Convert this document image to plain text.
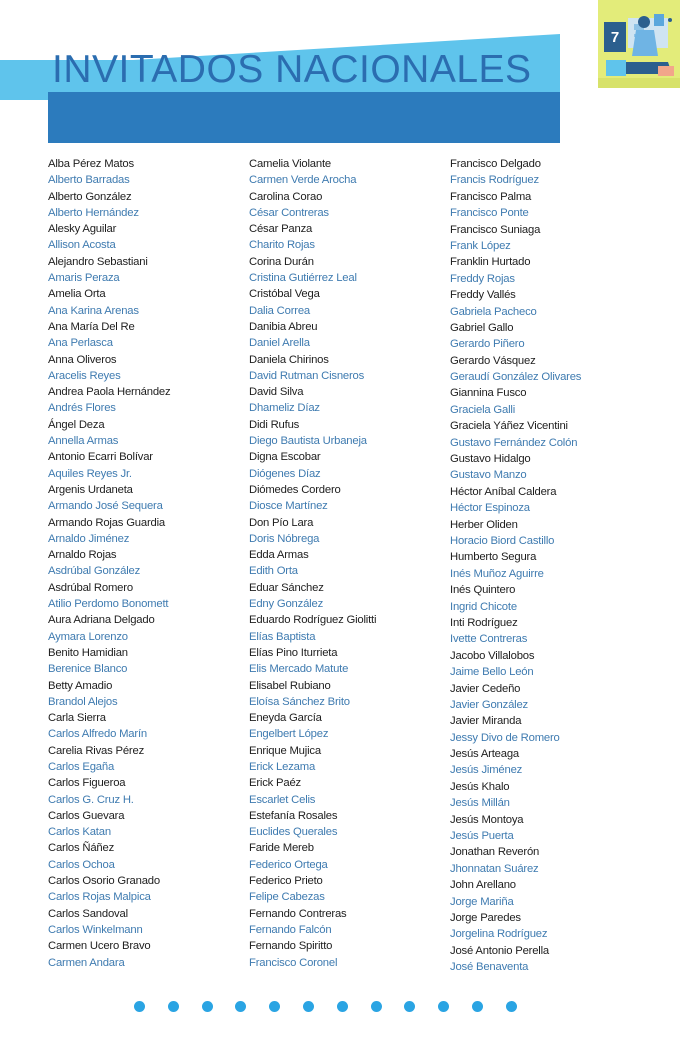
INVITADOS NACIONALES
7
Alba Pérez Matos
Alberto Barradas
Alberto González
Alberto Hernández
Alesky Aguilar
Allison Acosta
Alejandro Sebastiani
Amaris Peraza
Amelia Orta
Ana Karina Arenas
Ana María Del Re
Ana Perlasca
Anna Oliveros
Aracelis Reyes
Andrea Paola Hernández
Andrés Flores
Ángel Deza
Annella Armas
Antonio Ecarri Bolívar
Aquiles Reyes Jr.
Argenis Urdaneta
Armando José Sequera
Armando Rojas Guardia
Arnaldo Jiménez
Arnaldo Rojas
Asdrúbal González
Asdrúbal Romero
Atilio Perdomo Bonomett
Aura Adriana Delgado
Aymara Lorenzo
Benito Hamidian
Berenice Blanco
Betty Amadio
Brandol Alejos
Carla Sierra
Carlos Alfredo Marín
Carelia Rivas Pérez
Carlos Egaña
Carlos Figueroa
Carlos G. Cruz H.
Carlos Guevara
Carlos Katan
Carlos Ñáñez
Carlos Ochoa
Carlos Osorio Granado
Carlos Rojas Malpica
Carlos Sandoval
Carlos Winkelmann
Carmen Ucero Bravo
Carmen Andara
Camelia Violante
Carmen Verde Arocha
Carolina Corao
César Contreras
César Panza
Charito Rojas
Corina Durán
Cristina Gutiérrez Leal
Cristóbal Vega
Dalia Correa
Danibia Abreu
Daniel Arella
Daniela Chirinos
David Rutman Cisneros
David Silva
Dhameliz Díaz
Didi Rufus
Diego Bautista Urbaneja
Digna Escobar
Diógenes Díaz
Diómedes Cordero
Diosce Martínez
Don Pío Lara
Doris Nóbrega
Edda Armas
Edith Orta
Eduar Sánchez
Edny González
Eduardo Rodríguez Giolitti
Elías Baptista
Elías Pino Iturrieta
Elis Mercado Matute
Elisabel Rubiano
Eloísa Sánchez Brito
Eneyda García
Engelbert López
Enrique Mujica
Erick Lezama
Erick Paéz
Escarlet Celis
Estefanía Rosales
Euclides Querales
Faride Mereb
Federico Ortega
Federico Prieto
Felipe Cabezas
Fernando Contreras
Fernando Falcón
Fernando Spiritto
Francisco Coronel
Francisco Delgado
Francis Rodríguez
Francisco Palma
Francisco Ponte
Francisco Suniaga
Frank López
Franklin Hurtado
Freddy Rojas
Freddy Vallés
Gabriela Pacheco
Gabriel Gallo
Gerardo Piñero
Gerardo Vásquez
Geraudí González Olivares
Giannina Fusco
Graciela Galli
Graciela Yáñez Vicentini
Gustavo Fernández Colón
Gustavo Hidalgo
Gustavo Manzo
Héctor Aníbal Caldera
Héctor Espinoza
Herber Oliden
Horacio Biord Castillo
Humberto Segura
Inés Muñoz Aguirre
Inés Quintero
Ingrid Chicote
Inti Rodríguez
Ivette Contreras
Jacobo Villalobos
Jaime Bello León
Javier Cedeño
Javier González
Javier Miranda
Jessy Divo de Romero
Jesús Arteaga
Jesús Jiménez
Jesús Khalo
Jesús Millán
Jesús Montoya
Jesús Puerta
Jonathan Reverón
Jhonnatan Suárez
John Arellano
Jorge Mariña
Jorge Paredes
Jorgelina Rodríguez
José Antonio Perella
José Benaventa
